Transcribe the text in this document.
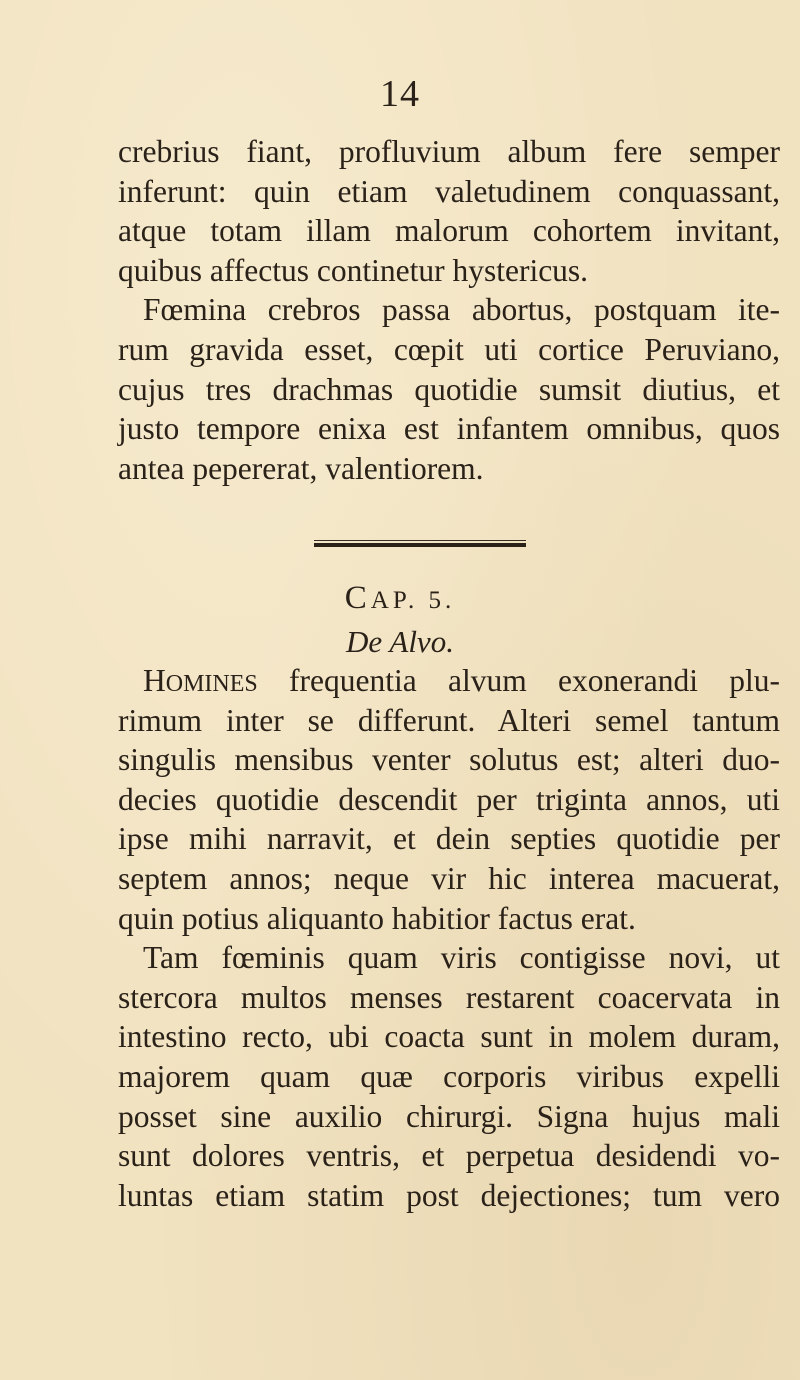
14
crebrius fiant, profluvium album fere semper
inferunt: quin etiam valetudinem conquassant,
atque totam illam malorum cohortem invitant,
quibus affectus continetur hystericus.
Fœmina crebros passa abortus, postquam ite-
rum gravida esset, cœpit uti cortice Peruviano,
cujus tres drachmas quotidie sumsit diutius, et
justo tempore enixa est infantem omnibus, quos
antea pepererat, valentiorem.
CAP. 5.
De Alvo.
HOMINES frequentia alvum exonerandi plu-
rimum inter se differunt. Alteri semel tantum
singulis mensibus venter solutus est; alteri duo-
decies quotidie descendit per triginta annos, uti
ipse mihi narravit, et dein septies quotidie per
septem annos; neque vir hic interea macuerat,
quin potius aliquanto habitior factus erat.
Tam fœminis quam viris contigisse novi, ut
stercora multos menses restarent coacervata in
intestino recto, ubi coacta sunt in molem duram,
majorem quam quæ corporis viribus expelli
posset sine auxilio chirurgi. Signa hujus mali
sunt dolores ventris, et perpetua desidendi vo-
luntas etiam statim post dejectiones; tum vero
